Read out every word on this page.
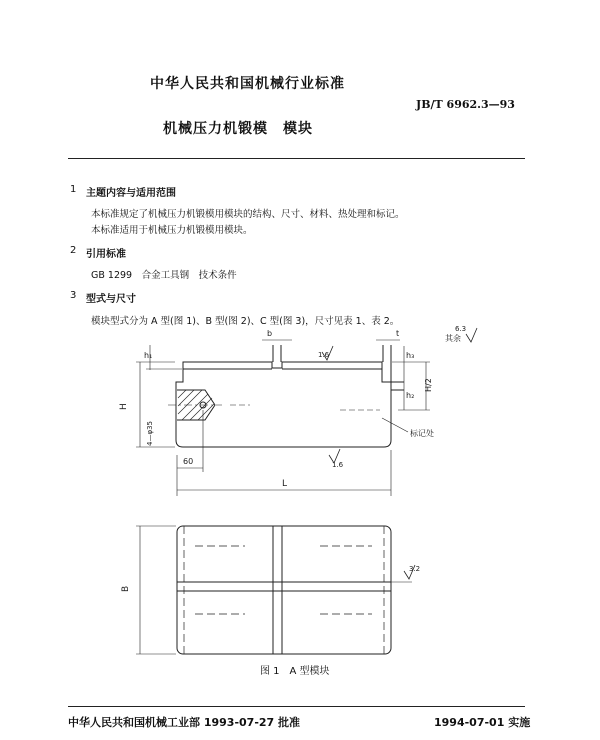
中华人民共和国机械行业标准
JB/T 6962.3—93
机械压力机锻模　模块
1 主题内容与适用范围
本标准规定了机械压力机锻模用模块的结构、尺寸、材料、热处理和标记。
本标准适用于机械压力机锻模用模块。
2 引用标准
GB 1299　合金工具钢　技术条件
3 型式与尺寸
模块型式分为 A 型(图 1)、B 型(图 2)、C 型(图 3)，尺寸见表 1、表 2。
b	t
h₁	h₃
h₂
H/2
H
4—φ35
60
L
B
1.6
1.6
3.2
其余
6.3
标记处
图 1　A 型模块
中华人民共和国机械工业部 1993-07-27 批准	1994-07-01 实施
